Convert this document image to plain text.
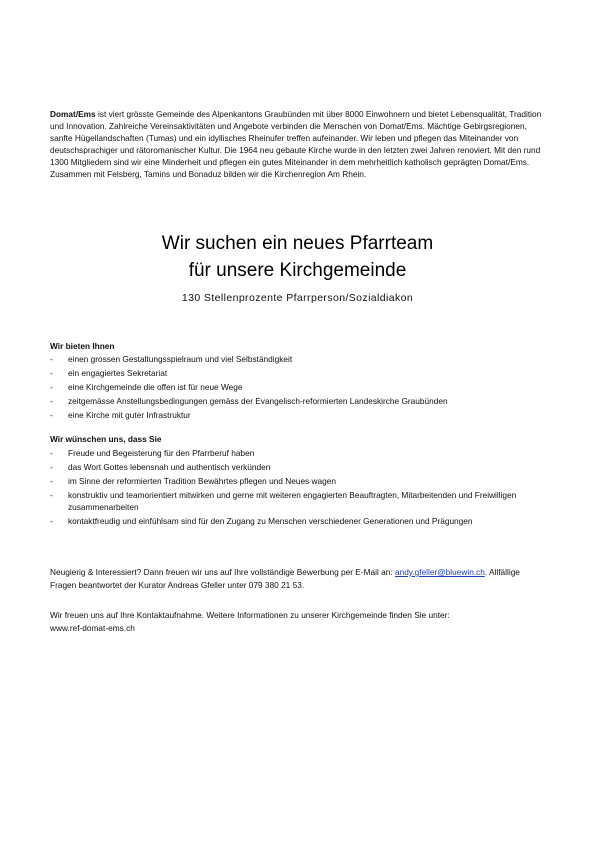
Domat/Ems ist viert grösste Gemeinde des Alpenkantons Graubünden mit über 8000 Einwohnern und bietet Lebensqualität, Tradition und Innovation. Zahlreiche Vereinsaktivitäten und Angebote verbinden die Menschen von Domat/Ems. Mächtige Gebirgsregionen, sanfte Hügellandschaften (Tumas) und ein idyllisches Rheinufer treffen aufeinander. Wir leben und pflegen das Miteinander von deutschsprachiger und rätoromanischer Kultur. Die 1964 neu gebaute Kirche wurde in den letzten zwei Jahren renoviert. Mit den rund 1300 Mitgliedern sind wir eine Minderheit und pflegen ein gutes Miteinander in dem mehrheitlich katholisch geprägten Domat/Ems. Zusammen mit Felsberg, Tamins und Bonaduz bilden wir die Kirchenregion Am Rhein.

Wir suchen ein neues Pfarrteam
für unsere Kirchgemeinde

130 Stellenprozente Pfarrperson/Sozialdiakon

Wir bieten Ihnen

- einen grossen Gestaltungsspielraum und viel Selbständigkeit
- ein engagiertes Sekretariat
- eine Kirchgemeinde die offen ist für neue Wege
- zeitgemässe Anstellungsbedingungen gemäss der Evangelisch-reformierten Landeskirche Graubünden
- eine Kirche mit guter Infrastruktur

Wir wünschen uns, dass Sie

- Freude und Begeisterung für den Pfarrberuf haben
- das Wort Gottes lebensnah und authentisch verkünden
- im Sinne der reformierten Tradition Bewährtes pflegen und Neues wagen
- konstruktiv und teamorientiert mitwirken und gerne mit weiteren engagierten Beauftragten, Mitarbeitenden und Freiwilligen zusammenarbeiten
- kontaktfreudig und einfühlsam sind für den Zugang zu Menschen verschiedener Generationen und Prägungen

Neugierig & Interessiert? Dann freuen wir uns auf Ihre vollständige Bewerbung per E-Mail an: andy.gfeller@bluewin.ch. Allfällige Fragen beantwortet der Kurator Andreas Gfeller unter 079 380 21 53.

Wir freuen uns auf Ihre Kontaktaufnahme. Weitere Informationen zu unserer Kirchgemeinde finden Sie unter:
www.ref-domat-ems.ch
